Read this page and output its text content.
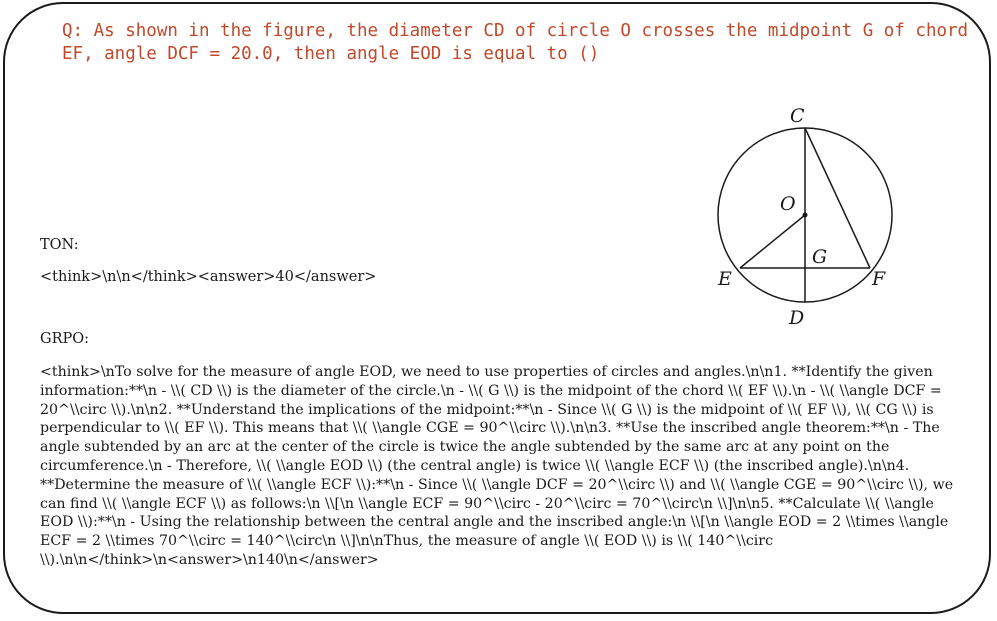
Q: As shown in the figure, the diameter CD of circle O crosses the midpoint G of chord EF, angle DCF = 20.0, then angle EOD is equal to ()

C
O
G
E	F
D

TON:

<think>\n\n</think><answer>40</answer>

GRPO:

<think>\nTo solve for the measure of angle EOD, we need to use properties of circles and angles.\n\n1. **Identify the given information:**\n - \\( CD \\) is the diameter of the circle.\n - \\( G \\) is the midpoint of the chord \\( EF \\).\n - \\( \\angle DCF = 20^\\circ \\).\n\n2. **Understand the implications of the midpoint:**\n - Since \\( G \\) is the midpoint of \\( EF \\), \\( CG \\) is perpendicular to \\( EF \\). This means that \\( \\angle CGE = 90^\\circ \\).\n\n3. **Use the inscribed angle theorem:**\n - The angle subtended by an arc at the center of the circle is twice the angle subtended by the same arc at any point on the circumference.\n - Therefore, \\( \\angle EOD \\) (the central angle) is twice \\( \\angle ECF \\) (the inscribed angle).\n\n4. **Determine the measure of \\( \\angle ECF \\):**\n - Since \\( \\angle DCF = 20^\\circ \\) and \\( \\angle CGE = 90^\\circ \\), we can find \\( \\angle ECF \\) as follows:\n \\[\n \\angle ECF = 90^\\circ - 20^\\circ = 70^\\circ\n \\]\n\n5. **Calculate \\( \\angle EOD \\):**\n - Using the relationship between the central angle and the inscribed angle:\n \\[\n \\angle EOD = 2 \\times \\angle ECF = 2 \\times 70^\\circ = 140^\\circ\n \\]\n\nThus, the measure of angle \\( EOD \\) is \\( 140^\\circ \\).\n\n</think>\n<answer>\n140\n</answer>
